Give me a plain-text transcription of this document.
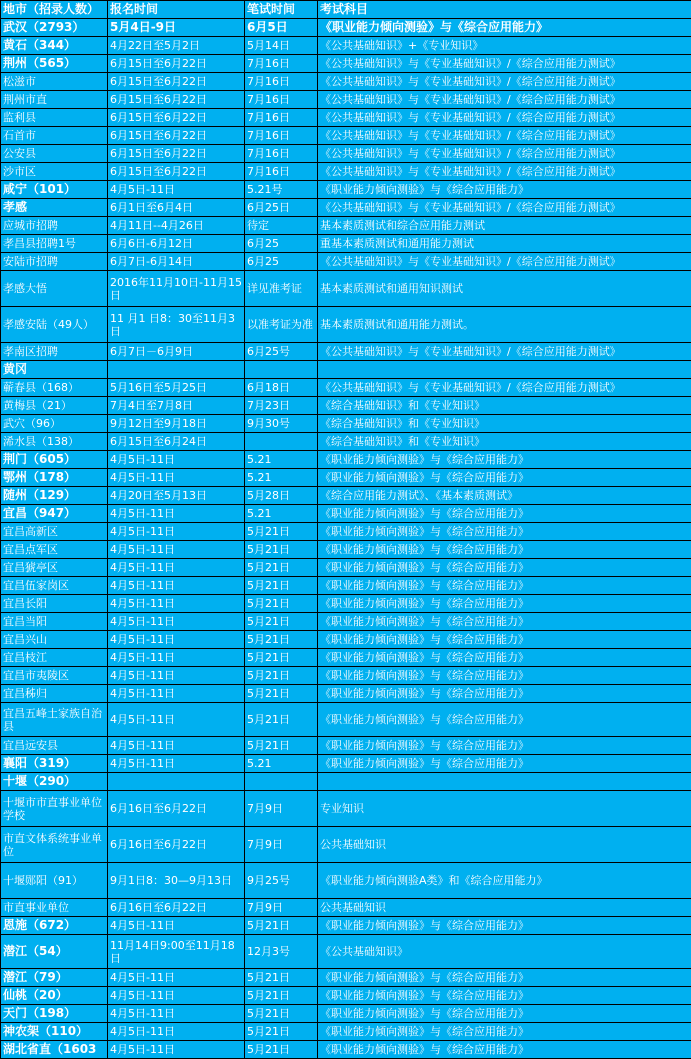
地市（招录人数）	报名时间	笔试时间	考试科目
武汉（2793）	5月4日-9日	6月5日	《职业能力倾向测验》与《综合应用能力》
黄石（344）	4月22日至5月2日	5月14日	《公共基础知识》+《专业知识》
荆州（565）	6月15日至6月22日	7月16日	《公共基础知识》与《专业基础知识》/《综合应用能力测试》
松滋市	6月15日至6月22日	7月16日	《公共基础知识》与《专业基础知识》/《综合应用能力测试》
荆州市直	6月15日至6月22日	7月16日	《公共基础知识》与《专业基础知识》/《综合应用能力测试》
监利县	6月15日至6月22日	7月16日	《公共基础知识》与《专业基础知识》/《综合应用能力测试》
石首市	6月15日至6月22日	7月16日	《公共基础知识》与《专业基础知识》/《综合应用能力测试》
公安县	6月15日至6月22日	7月16日	《公共基础知识》与《专业基础知识》/《综合应用能力测试》
沙市区	6月15日至6月22日	7月16日	《公共基础知识》与《专业基础知识》/《综合应用能力测试》
咸宁（101）	4月5日-11日	5.21号	《职业能力倾向测验》与《综合应用能力》
孝感	6月1日至6月4日	6月25日	《公共基础知识》与《专业基础知识》/《综合应用能力测试》
应城市招聘	4月11日--4月26日	待定	基本素质测试和综合应用能力测试
孝昌县招聘1号	6月6日-6月12日	6月25	重基本素质测试和通用能力测试
安陆市招聘	6月7日-6月14日	6月25	《公共基础知识》与《专业基础知识》/《综合应用能力测试》
孝感大悟	2016年11月10日-11月15日	详见准考证	基本素质测试和通用知识测试
孝感安陆（49人）	11 月1 日8：30至11月3日	以准考证为准	基本素质测试和通用能力测试。
孝南区招聘	6月7日－6月9日	6月25号	《公共基础知识》与《专业基础知识》/《综合应用能力测试》
黄冈			
蕲春县（168）	5月16日至5月25日	6月18日	《公共基础知识》与《专业基础知识》/《综合应用能力测试》
黄梅县（21）	7月4日至7月8日	7月23日	《综合基础知识》和《专业知识》
武穴（96）	9月12日至9月18日	9月30号	《综合基础知识》和《专业知识》
浠水县（138）	6月15日至6月24日		《综合基础知识》和《专业知识》
荆门（605）	4月5日-11日	5.21	《职业能力倾向测验》与《综合应用能力》
鄂州（178）	4月5日-11日	5.21	《职业能力倾向测验》与《综合应用能力》
随州（129）	4月20日至5月13日	5月28日	《综合应用能力测试》、《基本素质测试》
宜昌（947）	4月5日-11日	5.21	《职业能力倾向测验》与《综合应用能力》
宜昌高新区	4月5日-11日	5月21日	《职业能力倾向测验》与《综合应用能力》
宜昌点军区	4月5日-11日	5月21日	《职业能力倾向测验》与《综合应用能力》
宜昌猇亭区	4月5日-11日	5月21日	《职业能力倾向测验》与《综合应用能力》
宜昌伍家岗区	4月5日-11日	5月21日	《职业能力倾向测验》与《综合应用能力》
宜昌长阳	4月5日-11日	5月21日	《职业能力倾向测验》与《综合应用能力》
宜昌当阳	4月5日-11日	5月21日	《职业能力倾向测验》与《综合应用能力》
宜昌兴山	4月5日-11日	5月21日	《职业能力倾向测验》与《综合应用能力》
宜昌枝江	4月5日-11日	5月21日	《职业能力倾向测验》与《综合应用能力》
宜昌市夷陵区	4月5日-11日	5月21日	《职业能力倾向测验》与《综合应用能力》
宜昌秭归	4月5日-11日	5月21日	《职业能力倾向测验》与《综合应用能力》
宜昌五峰土家族自治县	4月5日-11日	5月21日	《职业能力倾向测验》与《综合应用能力》
宜昌远安县	4月5日-11日	5月21日	《职业能力倾向测验》与《综合应用能力》
襄阳（319）	4月5日-11日	5.21	《职业能力倾向测验》与《综合应用能力》
十堰（290）			
十堰市市直事业单位学校	6月16日至6月22日	7月9日	专业知识
市直文体系统事业单位	6月16日至6月22日	7月9日	公共基础知识
十堰郧阳（91）	9月1日8：30—9月13日	9月25号	《职业能力倾向测验A类》和《综合应用能力》
市直事业单位	6月16日至6月22日	7月9日	公共基础知识
恩施（672）	4月5日-11日	5月21日	《职业能力倾向测验》与《综合应用能力》
潜江（54）	11月14日9:00至11月18日	12月3号	《公共基础知识》
潜江（79）	4月5日-11日	5月21日	《职业能力倾向测验》与《综合应用能力》
仙桃（20）	4月5日-11日	5月21日	《职业能力倾向测验》与《综合应用能力》
天门（198）	4月5日-11日	5月21日	《职业能力倾向测验》与《综合应用能力》
神农架（110）	4月5日-11日	5月21日	《职业能力倾向测验》与《综合应用能力》
湖北省直（1603	4月5日-11日	5月21日	《职业能力倾向测验》与《综合应用能力》
